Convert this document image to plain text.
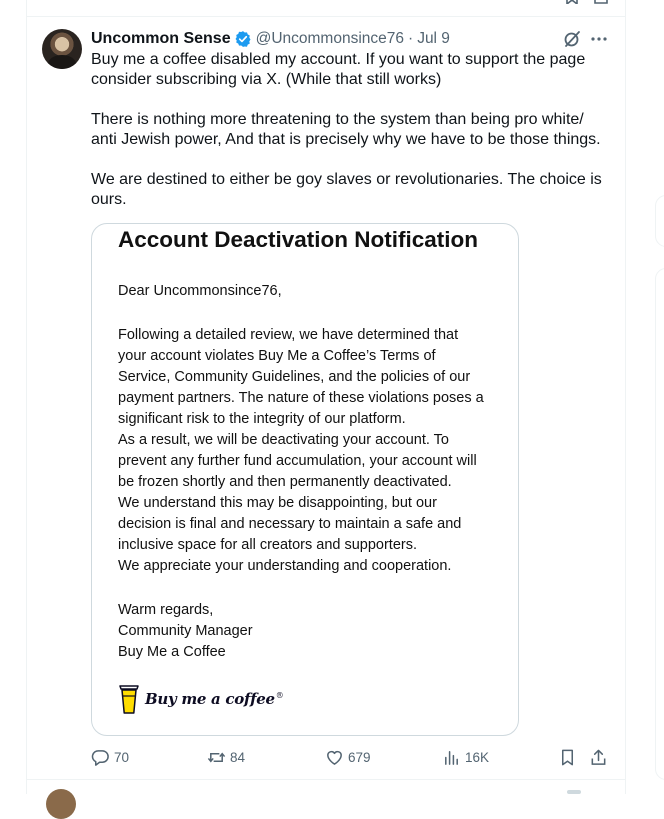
Uncommon Sense @Uncommonsince76 · Jul 9

Buy me a coffee disabled my account. If you want to support the page consider subscribing via X. (While that still works)

There is nothing more threatening to the system than being pro white/ anti Jewish power, And that is precisely why we have to be those things.

We are destined to either be goy slaves or revolutionaries. The choice is ours.

Account Deactivation Notification
Dear Uncommonsince76,
Following a detailed review, we have determined that
your account violates Buy Me a Coffee’s Terms of
Service, Community Guidelines, and the policies of our
payment partners. The nature of these violations poses a
significant risk to the integrity of our platform.
As a result, we will be deactivating your account. To
prevent any further fund accumulation, your account will
be frozen shortly and then permanently deactivated.
We understand this may be disappointing, but our
decision is final and necessary to maintain a safe and
inclusive space for all creators and supporters.
We appreciate your understanding and cooperation.
Warm regards,
Community Manager
Buy Me a Coffee
Buy me a coffee®
70	84	679	16K
